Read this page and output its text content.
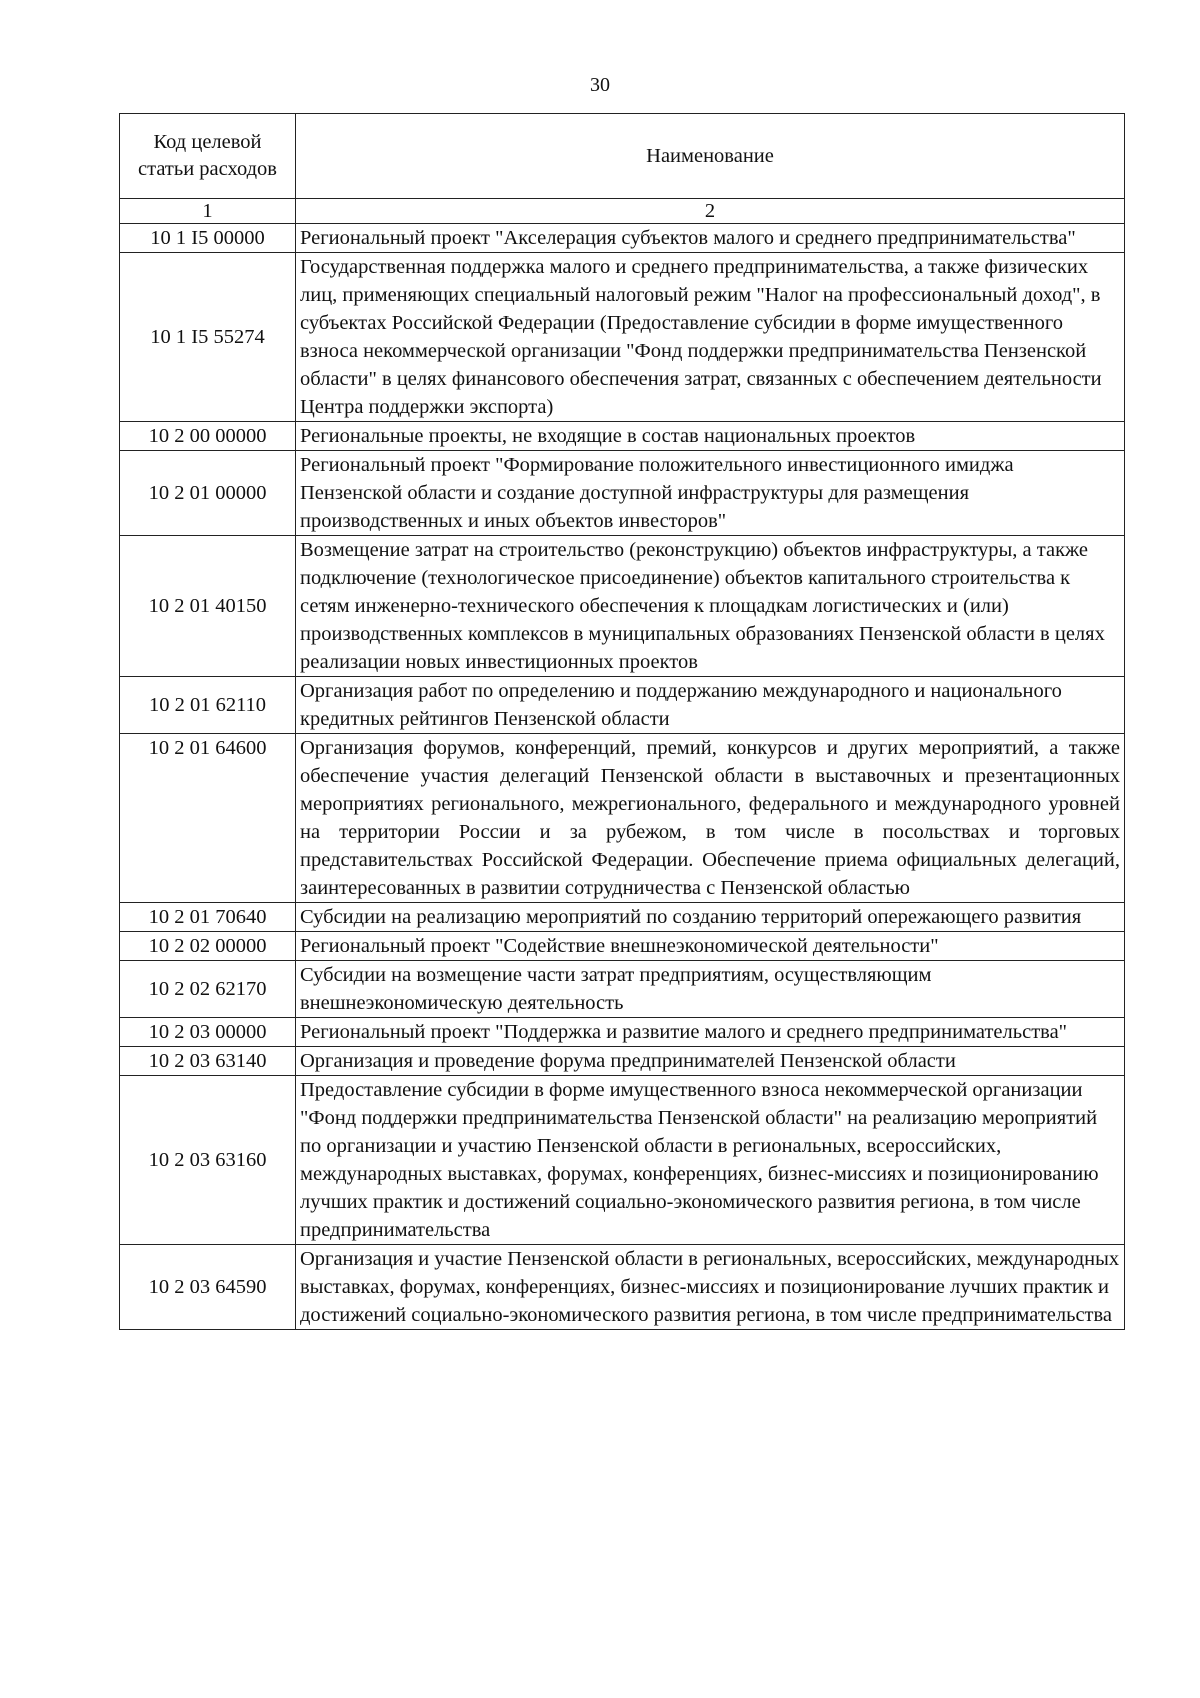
30
Код целевой статьи расходов	Наименование
1	2
10 1 I5 00000	Региональный проект "Акселерация субъектов малого и среднего предпринимательства"
10 1 I5 55274	Государственная поддержка малого и среднего предпринимательства, а также физических лиц, применяющих специальный налоговый режим "Налог на профессиональный доход", в субъектах Российской Федерации (Предоставление субсидии в форме имущественного взноса некоммерческой организации "Фонд поддержки предпринимательства Пензенской области" в целях финансового обеспечения затрат, связанных с обеспечением деятельности Центра поддержки экспорта)
10 2 00 00000	Региональные проекты, не входящие в состав национальных проектов
10 2 01 00000	Региональный проект "Формирование положительного инвестиционного имиджа Пензенской области и создание доступной инфраструктуры для размещения производственных и иных объектов инвесторов"
10 2 01 40150	Возмещение затрат на строительство (реконструкцию) объектов инфраструктуры, а также подключение (технологическое присоединение) объектов капитального строительства к сетям инженерно-технического обеспечения к площадкам логистических и (или) производственных комплексов в муниципальных образованиях Пензенской области в целях реализации новых инвестиционных проектов
10 2 01 62110	Организация работ по определению и поддержанию международного и национального кредитных рейтингов Пензенской области
10 2 01 64600	Организация форумов, конференций, премий, конкурсов и других мероприятий, а также обеспечение участия делегаций Пензенской области в выставочных и презентационных мероприятиях регионального, межрегионального, федерального и международного уровней на территории России и за рубежом, в том числе в посольствах и торговых представительствах Российской Федерации. Обеспечение приема официальных делегаций, заинтересованных в развитии сотрудничества с Пензенской областью
10 2 01 70640	Субсидии на реализацию мероприятий по созданию территорий опережающего развития
10 2 02 00000	Региональный проект "Содействие внешнеэкономической деятельности"
10 2 02 62170	Субсидии на возмещение части затрат предприятиям, осуществляющим внешнеэкономическую деятельность
10 2 03 00000	Региональный проект "Поддержка и развитие малого и среднего предпринимательства"
10 2 03 63140	Организация и проведение форума предпринимателей Пензенской области
10 2 03 63160	Предоставление субсидии в форме имущественного взноса некоммерческой организации "Фонд поддержки предпринимательства Пензенской области" на реализацию мероприятий по организации и участию Пензенской области в региональных, всероссийских, международных выставках, форумах, конференциях, бизнес-миссиях и позиционированию лучших практик и достижений социально-экономического развития региона, в том числе предпринимательства
10 2 03 64590	Организация и участие Пензенской области в региональных, всероссийских, международных выставках, форумах, конференциях, бизнес-миссиях и позиционирование лучших практик и достижений социально-экономического развития региона, в том числе предпринимательства
